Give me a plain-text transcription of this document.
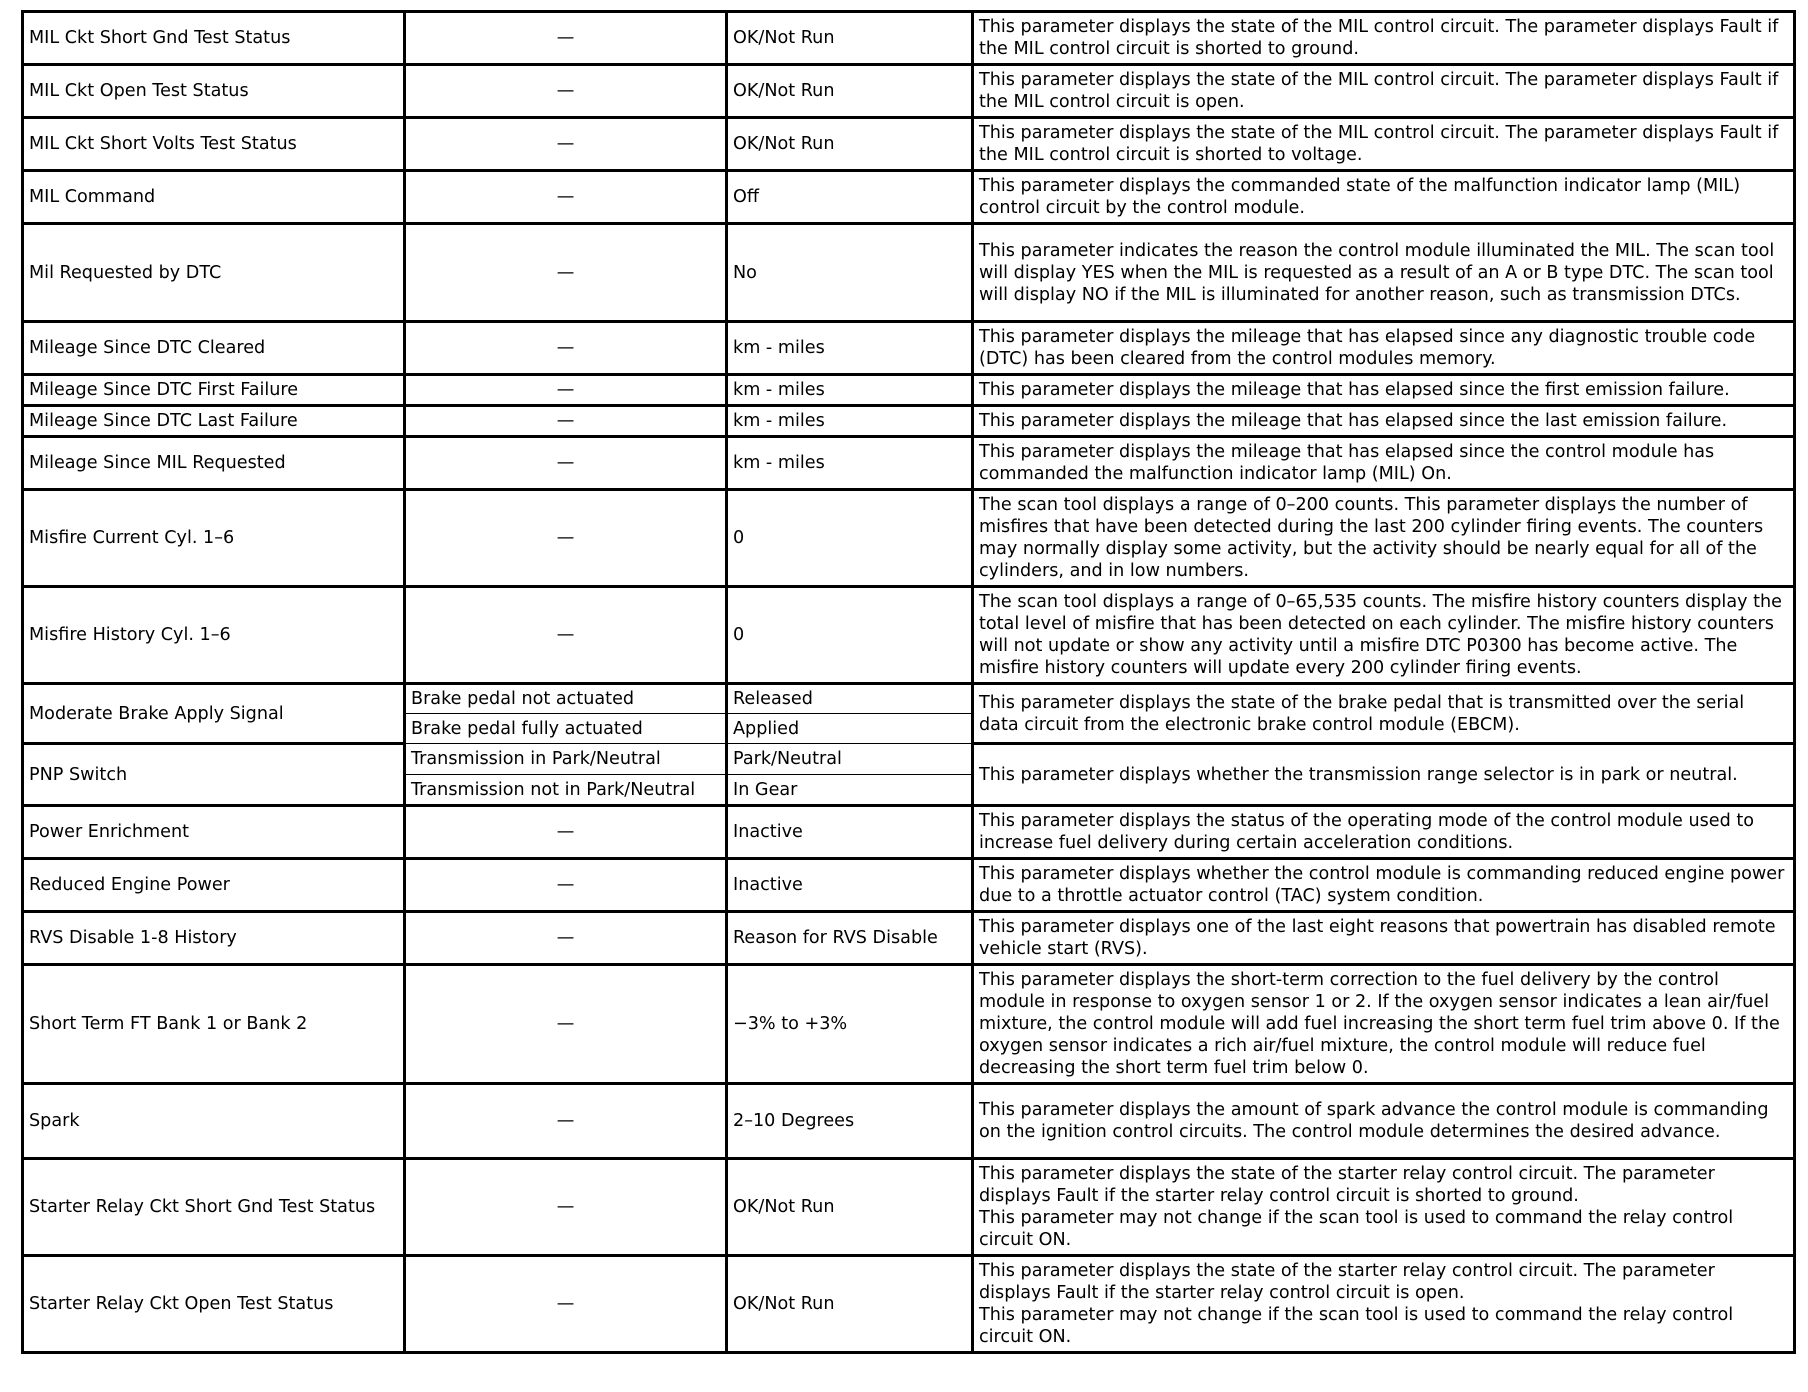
MIL Ckt Short Gnd Test Status	—	OK/Not Run	This parameter displays the state of the MIL control circuit. The parameter displays Fault if the MIL control circuit is shorted to ground.

MIL Ckt Open Test Status	—	OK/Not Run	This parameter displays the state of the MIL control circuit. The parameter displays Fault if the MIL control circuit is open.

MIL Ckt Short Volts Test Status	—	OK/Not Run	This parameter displays the state of the MIL control circuit. The parameter displays Fault if the MIL control circuit is shorted to voltage.

MIL Command	—	Off	This parameter displays the commanded state of the malfunction indicator lamp (MIL) control circuit by the control module.

Mil Requested by DTC	—	No	This parameter indicates the reason the control module illuminated the MIL. The scan tool will display YES when the MIL is requested as a result of an A or B type DTC. The scan tool will display NO if the MIL is illuminated for another reason, such as transmission DTCs.

Mileage Since DTC Cleared	—	km - miles	This parameter displays the mileage that has elapsed since any diagnostic trouble code (DTC) has been cleared from the control modules memory.

Mileage Since DTC First Failure	—	km - miles	This parameter displays the mileage that has elapsed since the first emission failure.

Mileage Since DTC Last Failure	—	km - miles	This parameter displays the mileage that has elapsed since the last emission failure.

Mileage Since MIL Requested	—	km - miles	This parameter displays the mileage that has elapsed since the control module has commanded the malfunction indicator lamp (MIL) On.

Misfire Current Cyl. 1–6	—	0	The scan tool displays a range of 0–200 counts. This parameter displays the number of misfires that have been detected during the last 200 cylinder firing events. The counters may normally display some activity, but the activity should be nearly equal for all of the cylinders, and in low numbers.

Misfire History Cyl. 1–6	—	0	The scan tool displays a range of 0–65,535 counts. The misfire history counters display the total level of misfire that has been detected on each cylinder. The misfire history counters will not update or show any activity until a misfire DTC P0300 has become active. The misfire history counters will update every 200 cylinder firing events.

Moderate Brake Apply Signal	Brake pedal not actuated	Released	This parameter displays the state of the brake pedal that is transmitted over the serial data circuit from the electronic brake control module (EBCM).

	Brake pedal fully actuated	Applied	
PNP Switch	Transmission in Park/Neutral	Park/Neutral	This parameter displays whether the transmission range selector is in park or neutral.

	Transmission not in Park/Neutral	In Gear	
Power Enrichment	—	Inactive	This parameter displays the status of the operating mode of the control module used to increase fuel delivery during certain acceleration conditions.

Reduced Engine Power	—	Inactive	This parameter displays whether the control module is commanding reduced engine power due to a throttle actuator control (TAC) system condition.

RVS Disable 1-8 History	—	Reason for RVS Disable	This parameter displays one of the last eight reasons that powertrain has disabled remote vehicle start (RVS).

Short Term FT Bank 1 or Bank 2	—	−3% to +3%	This parameter displays the short-term correction to the fuel delivery by the control module in response to oxygen sensor 1 or 2. If the oxygen sensor indicates a lean air/fuel mixture, the control module will add fuel increasing the short term fuel trim above 0. If the oxygen sensor indicates a rich air/fuel mixture, the control module will reduce fuel decreasing the short term fuel trim below 0.

Spark	—	2–10 Degrees	This parameter displays the amount of spark advance the control module is commanding on the ignition control circuits. The control module determines the desired advance.

Starter Relay Ckt Short Gnd Test Status	—	OK/Not Run	This parameter displays the state of the starter relay control circuit. The parameter displays Fault if the starter relay control circuit is shorted to ground.
This parameter may not change if the scan tool is used to command the relay control circuit ON.

Starter Relay Ckt Open Test Status	—	OK/Not Run	This parameter displays the state of the starter relay control circuit. The parameter displays Fault if the starter relay control circuit is open.
This parameter may not change if the scan tool is used to command the relay control circuit ON.
